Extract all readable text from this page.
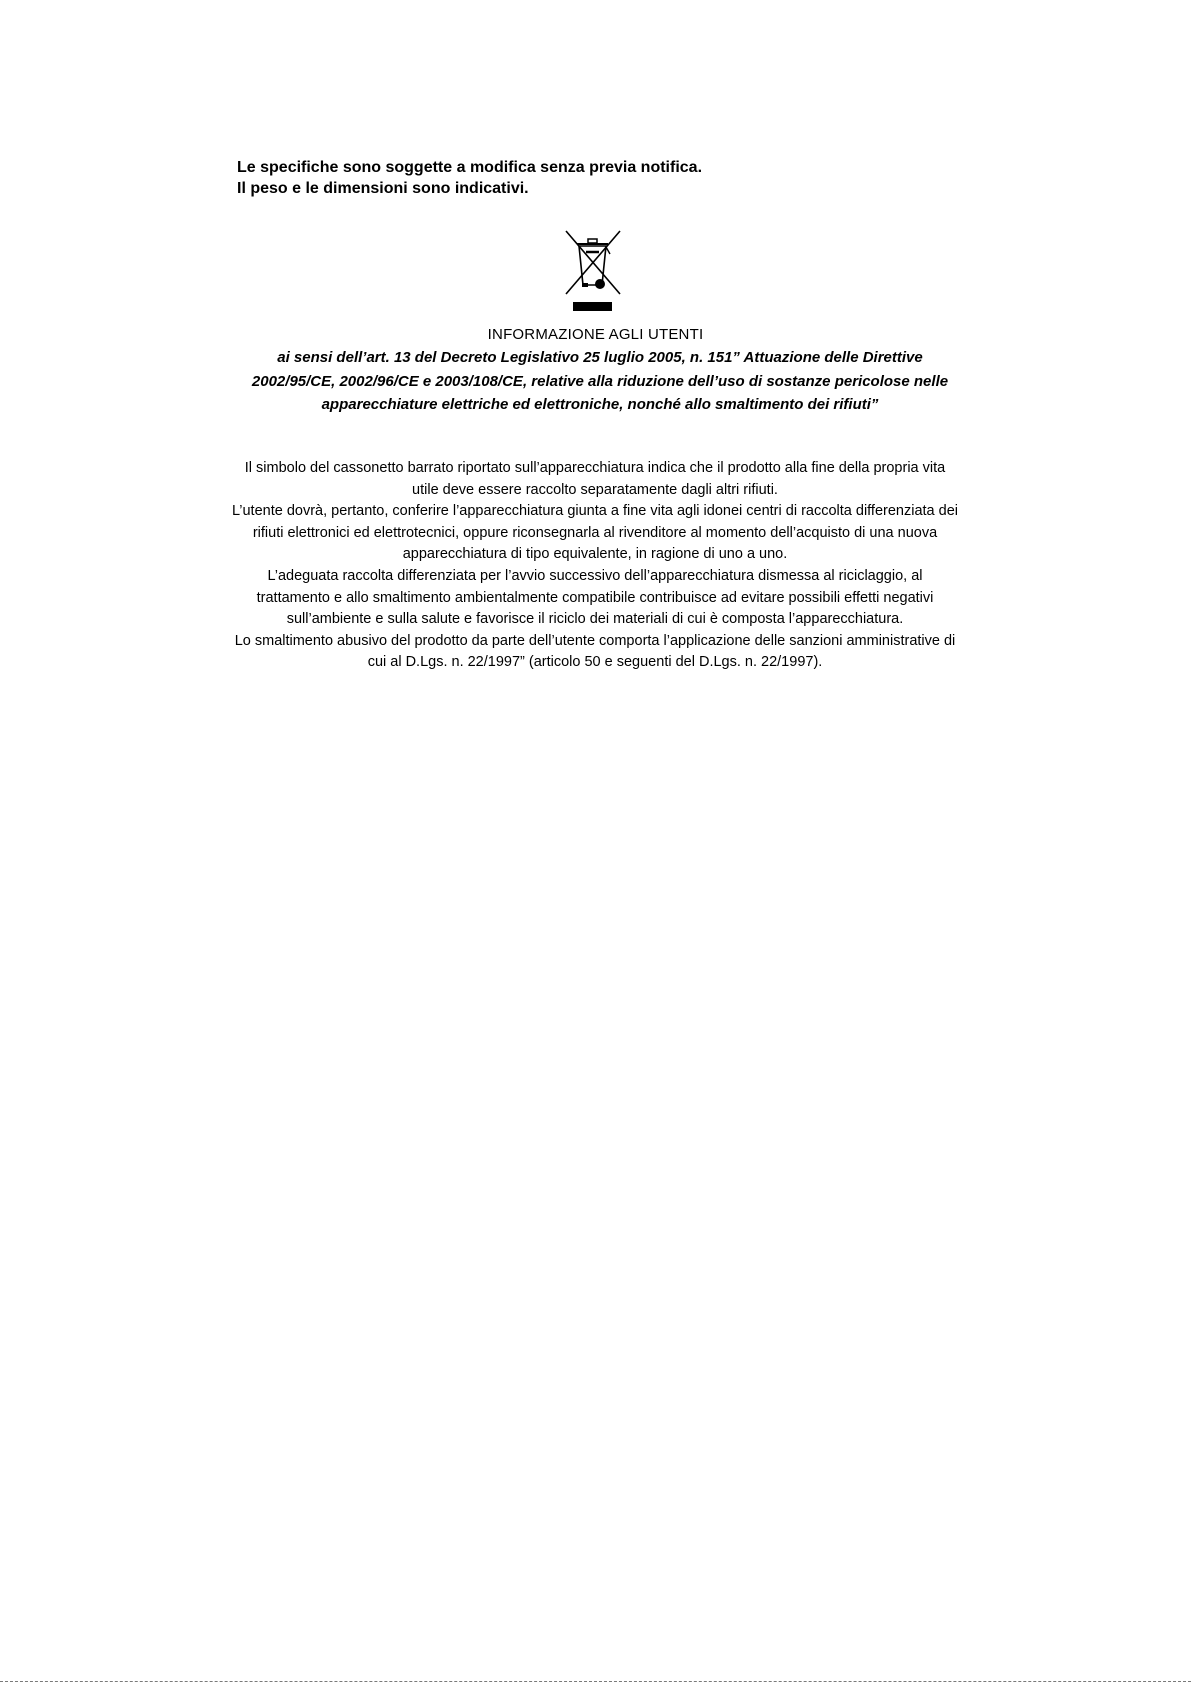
Le specifiche sono soggette a modifica senza previa notifica.
Il peso e le dimensioni sono indicativi.
INFORMAZIONE AGLI UTENTI
ai sensi dell’art. 13 del Decreto Legislativo 25 luglio 2005, n. 151” Attuazione delle Direttive 2002/95/CE, 2002/96/CE e 2003/108/CE, relative alla riduzione dell’uso di sostanze pericolose nelle apparecchiature elettriche ed elettroniche, nonché allo smaltimento dei rifiuti”

Il simbolo del cassonetto barrato riportato sull’apparecchiatura indica che il prodotto alla fine della propria vita utile deve essere raccolto separatamente dagli altri rifiuti.

L’utente dovrà, pertanto, conferire l’apparecchiatura giunta a fine vita agli idonei centri di raccolta differenziata dei rifiuti elettronici ed elettrotecnici, oppure riconsegnarla al rivenditore al momento dell’acquisto di una nuova apparecchiatura di tipo equivalente, in ragione di uno a uno.

L’adeguata raccolta differenziata per l’avvio successivo dell’apparecchiatura dismessa al riciclaggio, al trattamento e allo smaltimento ambientalmente compatibile contribuisce ad evitare possibili effetti negativi sull’ambiente e sulla salute e favorisce il riciclo dei materiali di cui è composta l’apparecchiatura.

Lo smaltimento abusivo del prodotto da parte dell’utente comporta l’applicazione delle sanzioni amministrative di cui al D.Lgs. n. 22/1997” (articolo 50 e seguenti del D.Lgs. n. 22/1997).
